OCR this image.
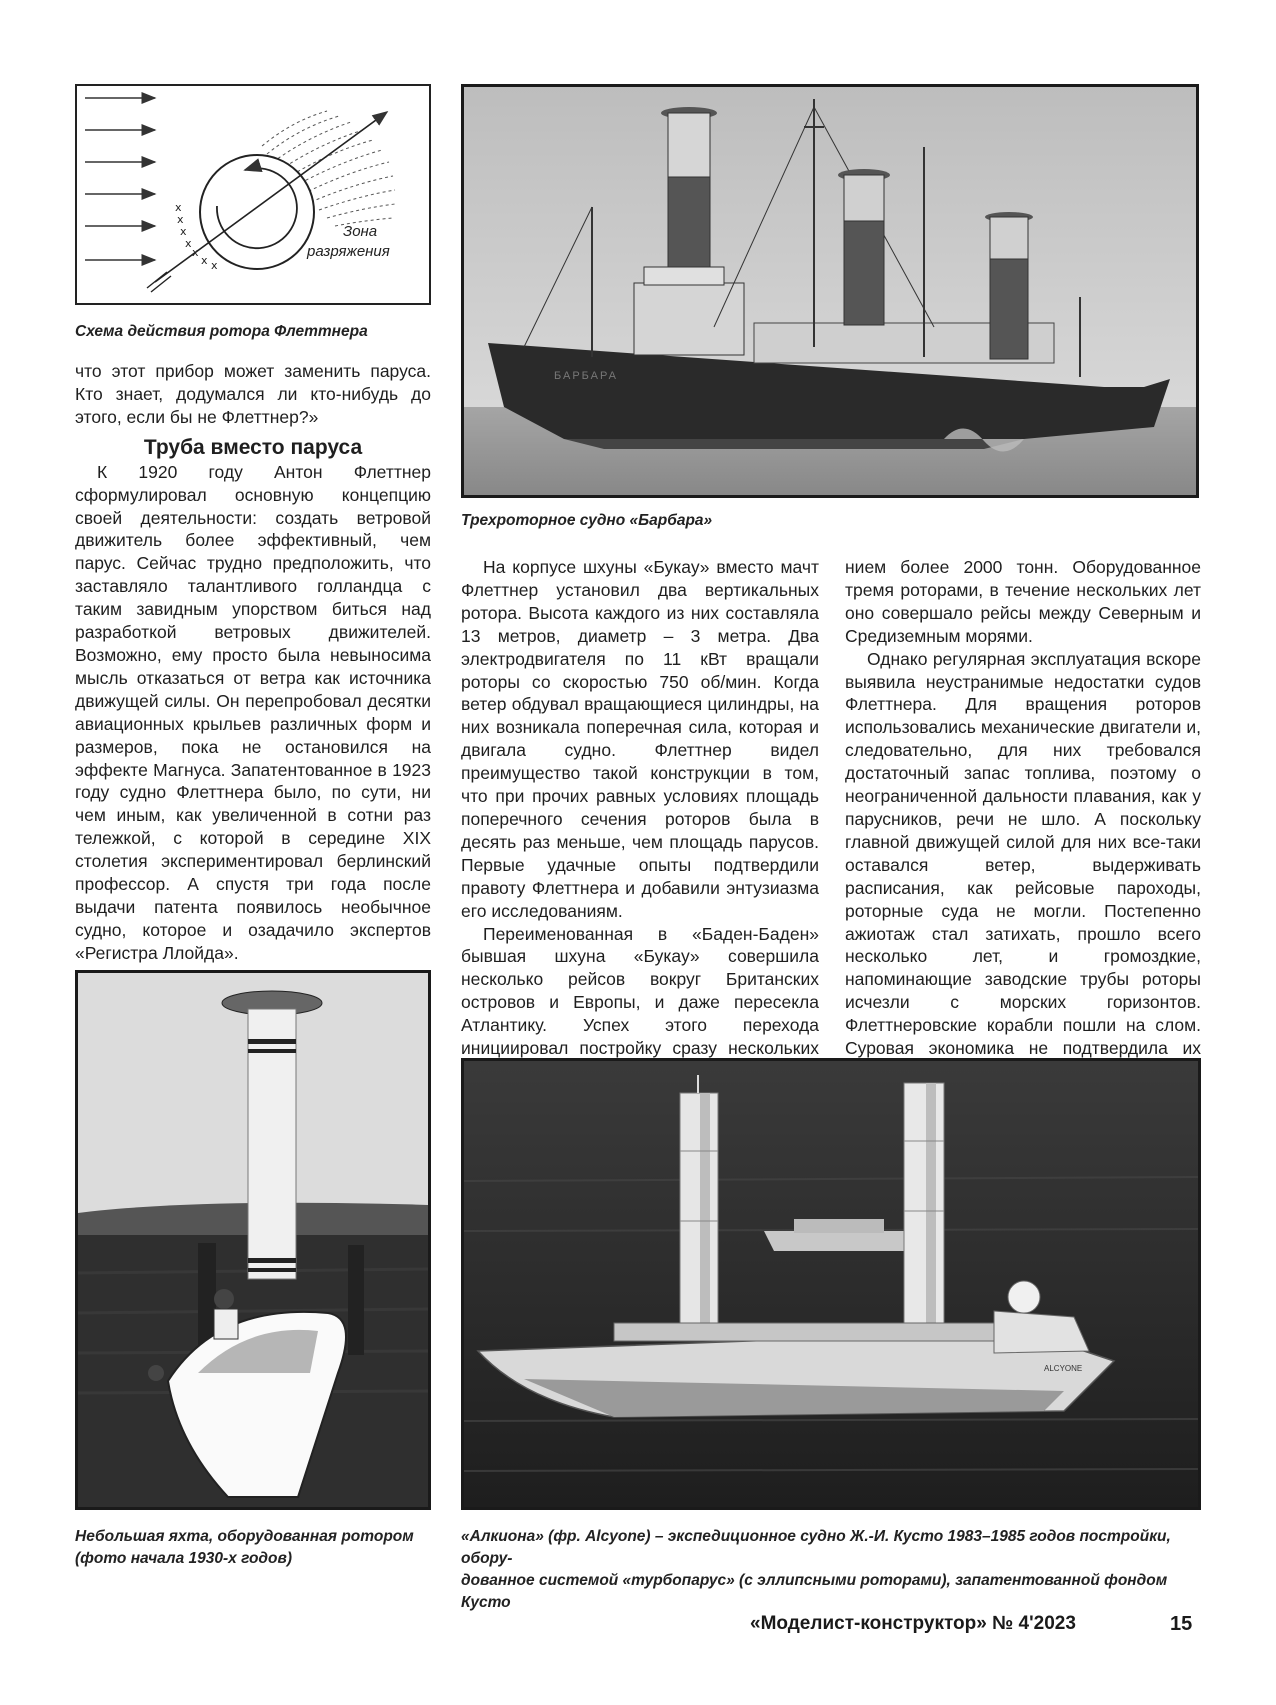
x
x
x
x
x
x x
Зона
разряжения
Схема действия ротора Флеттнера
БАРБАРА
Трехроторное судно «Барбара»

что этот прибор может заменить паруса. Кто знает, додумался ли кто-нибудь до этого, если бы не Флеттнер?»

Труба вместо паруса

К 1920 году Антон Флеттнер сформулировал основную концепцию своей деятельности: создать ветровой движитель более эффективный, чем парус. Сейчас трудно предположить, что заставляло талантливого голландца с таким завидным упорством биться над разработкой ветровых движителей. Возможно, ему просто была невыносима мысль отказаться от ветра как источника движущей силы. Он перепробовал десятки авиационных крыльев различных форм и размеров, пока не остановился на эффекте Магнуса. Запатентованное в 1923 году судно Флеттнера было, по сути, ни чем иным, как увеличенной в сотни раз тележкой, с которой в середине XIX столетия экспериментировал берлинский профессор. А спустя три года после выдачи патента появилось необычное судно, которое и озадачило экспертов «Регистра Ллойда».

На корпусе шхуны «Букау» вместо мачт Флеттнер установил два вертикальных ротора. Высота каждого из них составляла 13 метров, диаметр – 3 метра. Два электродвигателя по 11 кВт вращали роторы со скоростью 750 об/мин. Когда ветер обдувал вращающиеся цилиндры, на них возникала поперечная сила, которая и двигала судно. Флеттнер видел преимущество такой конструкции в том, что при прочих равных условиях площадь поперечного сечения роторов была в десять раз меньше, чем площадь парусов. Первые удачные опыты подтвердили правоту Флеттнера и добавили энтузиазма его исследованиям.

Переименованная в «Баден-Баден» бывшая шхуна «Букау» совершила несколько рейсов вокруг Британских островов и Европы, и даже пересекла Атлантику. Успех этого перехода инициировал постройку сразу нескольких

нием более 2000 тонн. Оборудованное тремя роторами, в течение нескольких лет оно совершало рейсы между Северным и Средиземным морями.

Однако регулярная эксплуатация вскоре выявила неустранимые недостатки судов Флеттнера. Для вращения роторов использовались механические двигатели и, следовательно, для них требовался достаточный запас топлива, поэтому о неограниченной дальности плавания, как у парусников, речи не шло. А поскольку главной движущей силой для них все-таки оставался ветер, выдерживать расписания, как рейсовые пароходы, роторные суда не могли. Постепенно ажиотаж стал затихать, прошло всего несколько лет, и громоздкие, напоминающие заводские трубы роторы исчезли с морских горизонтов. Флеттнеровские корабли пошли на слом. Суровая экономика не подтвердила их

Небольшая яхта, оборудованная ротором
(фото начала 1930-х годов)
ALCYONE
«Алкиона» (фр. Alcyone) – экспедиционное судно Ж.-И. Кусто 1983–1985 годов постройки, обору-
дованное системой «турбопарус» (с эллипсными роторами), запатентованной фондом Кусто
«Моделист-конструктор» № 4'2023	15
